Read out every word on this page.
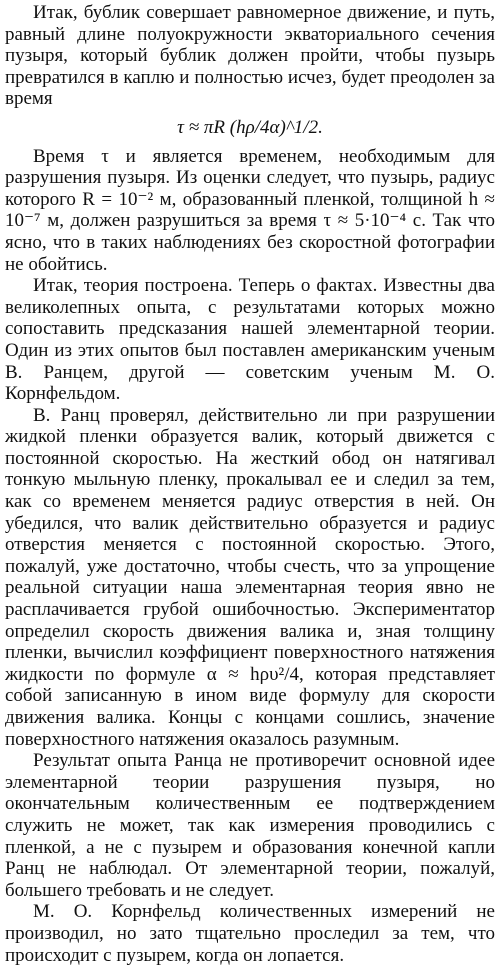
Итак, бублик совершает равномерное движение, и путь, равный длине полуокружности экваториального сечения пузыря, который бублик должен пройти, чтобы пузырь превратился в каплю и полностью исчез, будет преодолен за время

τ ≈ πR (hρ/4α)^1/2.

Время τ и является временем, необходимым для разрушения пузыря. Из оценки следует, что пузырь, радиус которого R = 10⁻² м, образованный пленкой, толщиной h ≈ 10⁻⁷ м, должен разрушиться за время τ ≈ 5·10⁻⁴ с. Так что ясно, что в таких наблюдениях без скоростной фотографии не обойтись.

Итак, теория построена. Теперь о фактах. Известны два великолепных опыта, с результатами которых можно сопоставить предсказания нашей элементарной теории. Один из этих опытов был поставлен американским ученым В. Ранцем, другой — советским ученым М. О. Корнфельдом.

В. Ранц проверял, действительно ли при разрушении жидкой пленки образуется валик, который движется с постоянной скоростью. На жесткий обод он натягивал тонкую мыльную пленку, прокалывал ее и следил за тем, как со временем меняется радиус отверстия в ней. Он убедился, что валик действительно образуется и радиус отверстия меняется с постоянной скоростью. Этого, пожалуй, уже достаточно, чтобы счесть, что за упрощение реальной ситуации наша элементарная теория явно не расплачивается грубой ошибочностью. Экспериментатор определил скорость движения валика и, зная толщину пленки, вычислил коэффициент поверхностного натяжения жидкости по формуле α ≈ hρυ²/4, которая представляет собой записанную в ином виде формулу для скорости движения валика. Концы с концами сошлись, значение поверхностного натяжения оказалось разумным.

Результат опыта Ранца не противоречит основной идее элементарной теории разрушения пузыря, но окончательным количественным ее подтверждением служить не может, так как измерения проводились с пленкой, а не с пузырем и образования конечной капли Ранц не наблюдал. От элементарной теории, пожалуй, большего требовать и не следует.

М. О. Корнфельд количественных измерений не производил, но зато тщательно проследил за тем, что происходит с пузырем, когда он лопается.
